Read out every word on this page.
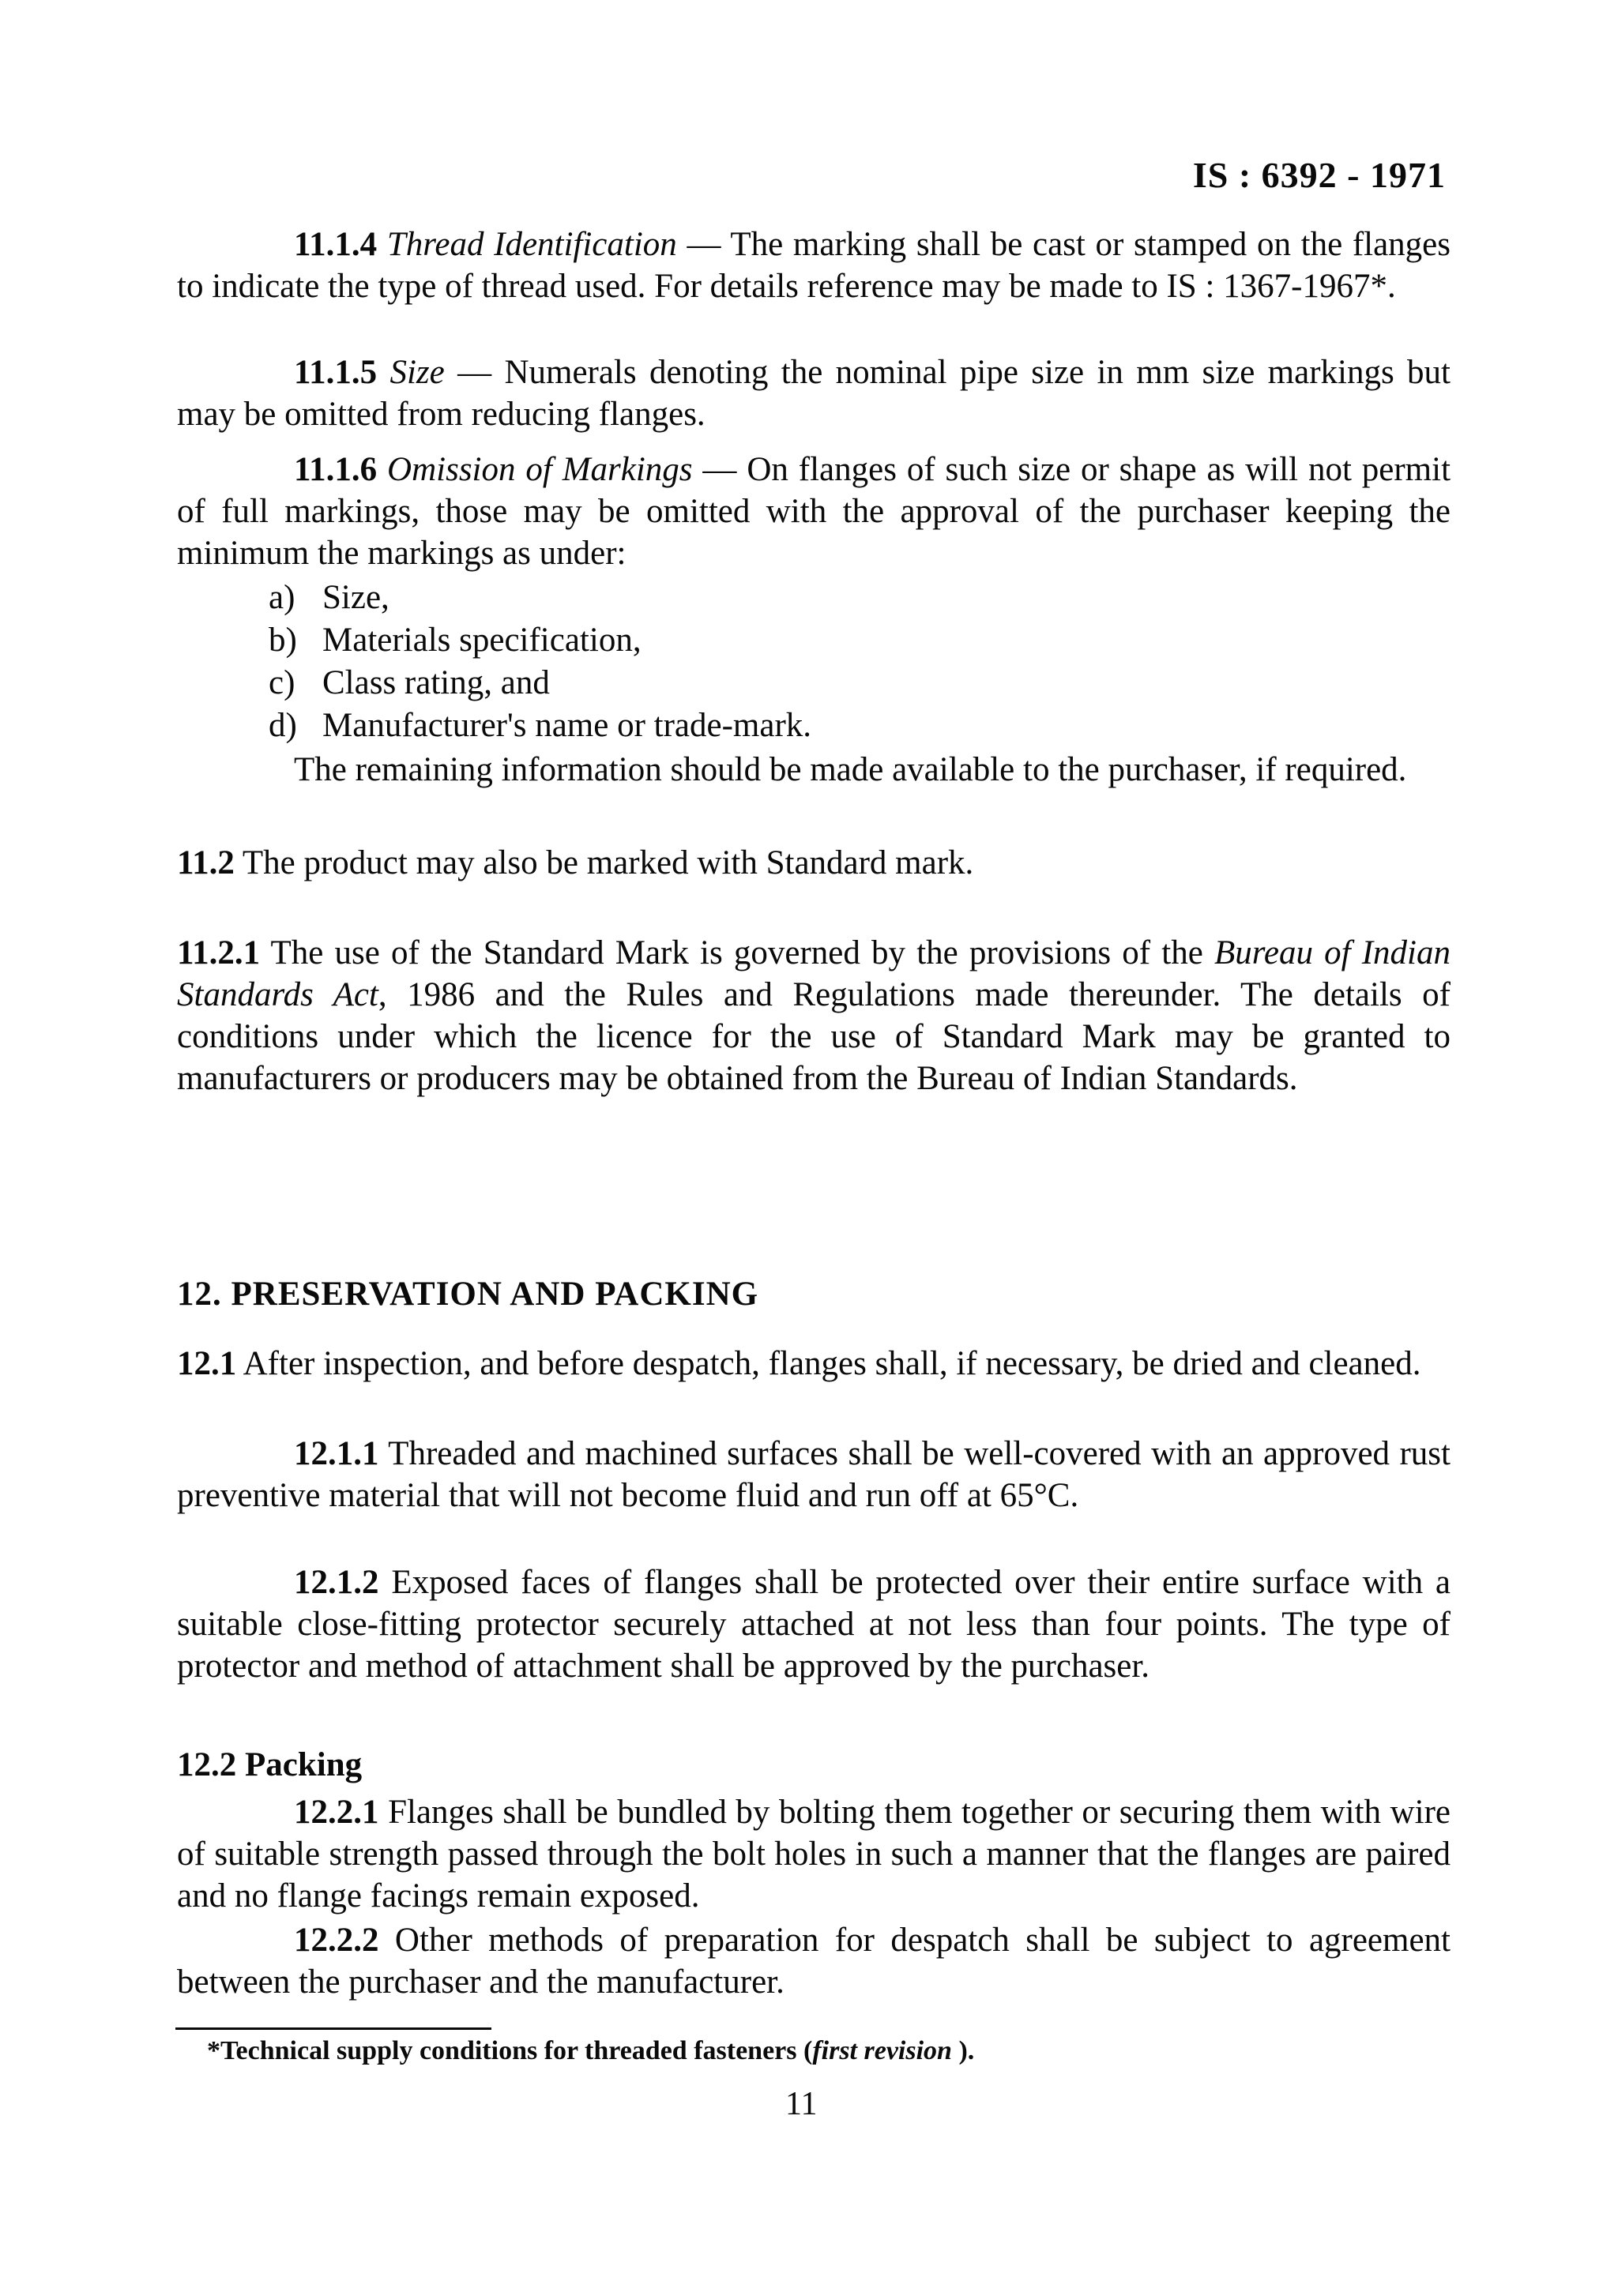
IS : 6392 - 1971

11.1.4 Thread Identification — The marking shall be cast or stamped on the flanges to indicate the type of thread used. For details reference may be made to IS : 1367-1967*.

11.1.5 Size — Numerals denoting the nominal pipe size in mm size markings but may be omitted from reducing flanges.

11.1.6 Omission of Markings — On flanges of such size or shape as will not permit of full markings, those may be omitted with the approval of the purchaser keeping the minimum the markings as under:

a) Size,
b) Materials specification,
c) Class rating, and
d) Manufacturer's name or trade-mark.

The remaining information should be made available to the purchaser, if required.

11.2 The product may also be marked with Standard mark.

11.2.1 The use of the Standard Mark is governed by the provisions of the Bureau of Indian Standards Act, 1986 and the Rules and Regulations made thereunder. The details of conditions under which the licence for the use of Standard Mark may be granted to manufacturers or producers may be obtained from the Bureau of Indian Standards.

12. PRESERVATION AND PACKING

12.1 After inspection, and before despatch, flanges shall, if necessary, be dried and cleaned.

12.1.1 Threaded and machined surfaces shall be well-covered with an approved rust preventive material that will not become fluid and run off at 65°C.

12.1.2 Exposed faces of flanges shall be protected over their entire surface with a suitable close-fitting protector securely attached at not less than four points. The type of protector and method of attachment shall be approved by the purchaser.

12.2 Packing

12.2.1 Flanges shall be bundled by bolting them together or securing them with wire of suitable strength passed through the bolt holes in such a manner that the flanges are paired and no flange facings remain exposed.

12.2.2 Other methods of preparation for despatch shall be subject to agreement between the purchaser and the manufacturer.

*Technical supply conditions for threaded fasteners (first revision ).
11
